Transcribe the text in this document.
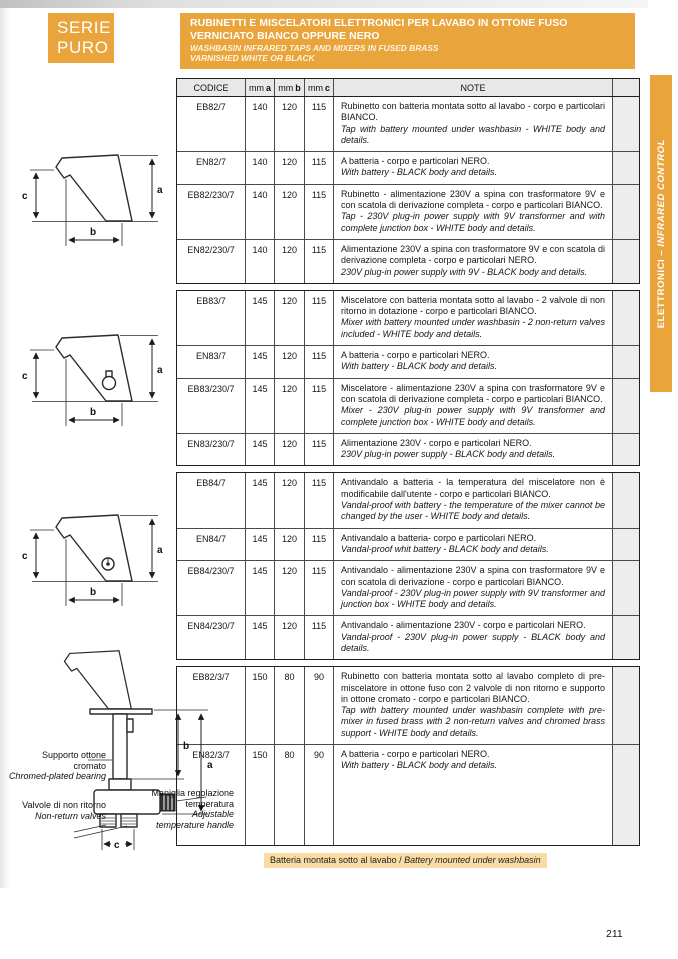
SERIE
PURO
RUBINETTI E MISCELATORI ELETTRONICI PER LAVABO IN OTTONE FUSO
VERNICIATO BIANCO OPPURE NERO
WASHBASIN INFRARED TAPS AND MIXERS IN FUSED BRASS
VARNISHED WHITE OR BLACK
ELETTRONICI – INFRARED CONTROL
CODICE mm a mm b mm c	NOTE
EB82/7	140	120	115	Rubinetto con batteria montata sotto al lavabo - corpo e particolari BIANCO.
Tap with battery mounted under washbasin - WHITE body and details.
EN82/7	140	120	115	A batteria - corpo e particolari NERO.
With battery - BLACK body and details.
EB82/230/7	140	120	115	Rubinetto - alimentazione 230V a spina con trasformatore 9V e con scatola di derivazione completa - corpo e particolari BIANCO.
Tap - 230V plug-in power supply with 9V transformer and with complete junction box - WHITE body and details.
EN82/230/7	140	120	115	Alimentazione 230V a spina con trasformatore 9V e con scatola di derivazione completa - corpo e particolari NERO.
230V plug-in power supply with 9V - BLACK body and details.
EB83/7	145	120	115	Miscelatore con batteria montata sotto al lavabo - 2 valvole di non ritorno in dotazione - corpo e particolari BIANCO.
Mixer with battery mounted under washbasin - 2 non-return valves included - WHITE body and details.
EN83/7	145	120	115	A batteria - corpo e particolari NERO.
With battery - BLACK body and details.
EB83/230/7	145	120	115	Miscelatore - alimentazione 230V a spina con trasformatore 9V e con scatola di derivazione completa - corpo e particolari BIANCO.
Mixer - 230V plug-in power supply with 9V transformer and complete junction box - WHITE body and details.
EN83/230/7	145	120	115	Alimentazione 230V - corpo e particolari NERO.
230V plug-in power supply - BLACK body and details.
EB84/7	145	120	115	Antivandalo a batteria - la temperatura del miscelatore non è modificabile dall'utente - corpo e particolari BIANCO.
Vandal-proof with battery - the temperature of the mixer cannot be changed by the user - WHITE body and details.
EN84/7	145	120	115	Antivandalo a batteria- corpo e particolari NERO.
Vandal-proof whit battery - BLACK body and details.
EB84/230/7	145	120	115	Antivandalo - alimentazione 230V a spina con trasformatore 9V e con scatola di derivazione - corpo e particolari BIANCO.
Vandal-proof - 230V plug-in power supply with 9V transformer and junction box - WHITE body and details.
EN84/230/7	145	120	115	Antivandalo - alimentazione 230V - corpo e particolari NERO.
Vandal-proof - 230V plug-in power supply - BLACK body and details.
EB82/3/7	150	80	90	Rubinetto con batteria montata sotto al lavabo completo di pre-miscelatore in ottone fuso con 2 valvole di non ritorno e supporto in ottone cromato - corpo e particolari BIANCO.
Tap with battery mounted under washbasin complete with pre-mixer in fused brass with 2 non-return valves and chromed brass support - WHITE body and details.
EN82/3/7	150	80	90	A batteria - corpo e particolari NERO.
With battery - BLACK body and details.
c
a
b
c
a
b
c
a
b
b
a
c
Supporto ottone cromato
Chromed-plated bearing
Valvole di non ritorno
Non-return valves
Maniglia regolazione temperatura
Adjustable temperature handle
Batteria montata sotto al lavabo / Battery mounted under washbasin
211
